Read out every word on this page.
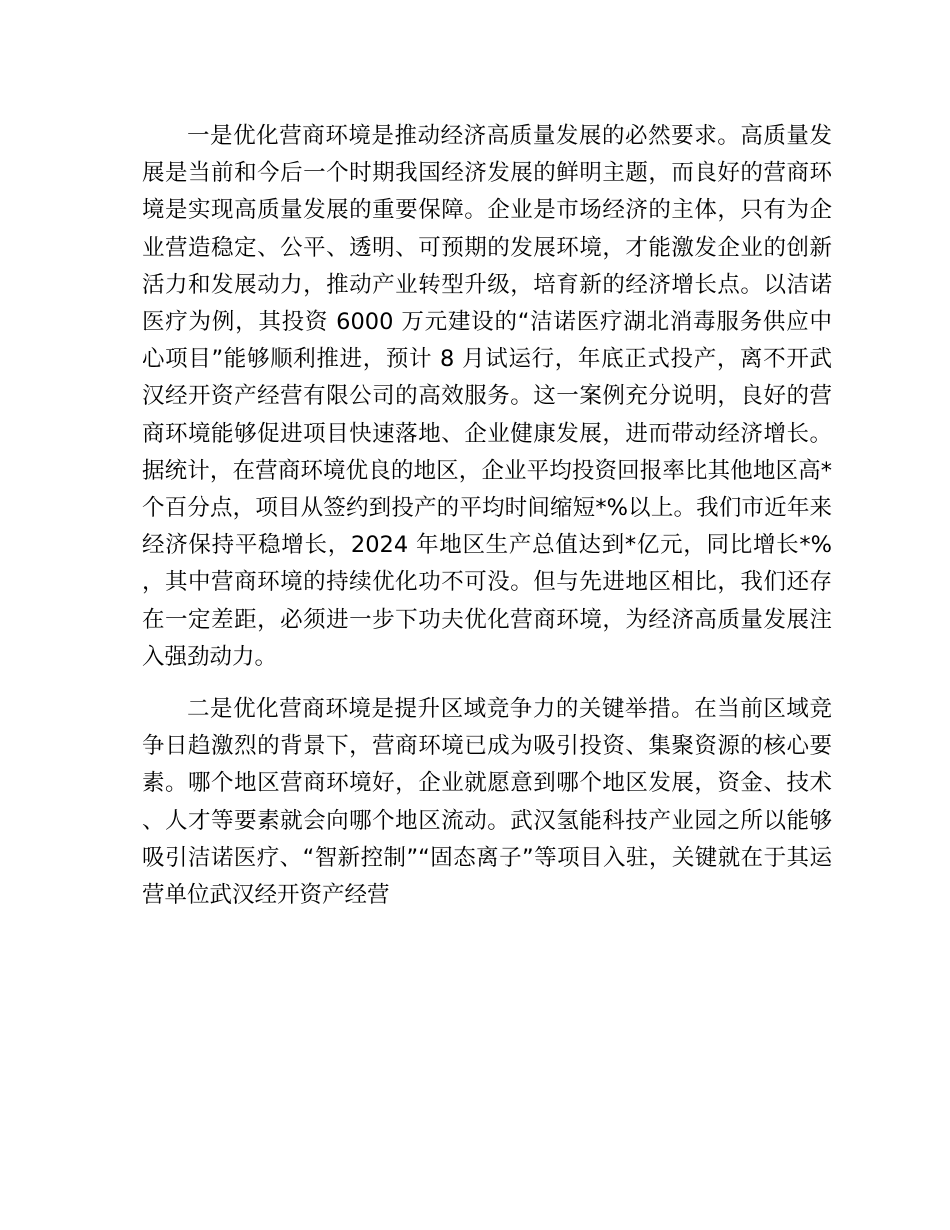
一是优化营商环境是推动经济高质量发展的必然要求。高质量发展是当前和今后一个时期我国经济发展的鲜明主题，而良好的营商环境是实现高质量发展的重要保障。企业是市场经济的主体，只有为企业营造稳定、公平、透明、可预期的发展环境，才能激发企业的创新活力和发展动力，推动产业转型升级，培育新的经济增长点。以洁诺医疗为例，其投资 6000 万元建设的“洁诺医疗湖北消毒服务供应中心项目”能够顺利推进，预计 8 月试运行，年底正式投产，离不开武汉经开资产经营有限公司的高效服务。这一案例充分说明，良好的营商环境能够促进项目快速落地、企业健康发展，进而带动经济增长。据统计，在营商环境优良的地区，企业平均投资回报率比其他地区高*个百分点，项目从签约到投产的平均时间缩短*%以上。我们市近年来经济保持平稳增长，2024 年地区生产总值达到*亿元，同比增长*%，其中营商环境的持续优化功不可没。但与先进地区相比，我们还存在一定差距，必须进一步下功夫优化营商环境，为经济高质量发展注入强劲动力。

二是优化营商环境是提升区域竞争力的关键举措。在当前区域竞争日趋激烈的背景下，营商环境已成为吸引投资、集聚资源的核心要素。哪个地区营商环境好，企业就愿意到哪个地区发展，资金、技术、人才等要素就会向哪个地区流动。武汉氢能科技产业园之所以能够吸引洁诺医疗、“智新控制”“固态离子”等项目入驻，关键就在于其运营单位武汉经开资产经营
